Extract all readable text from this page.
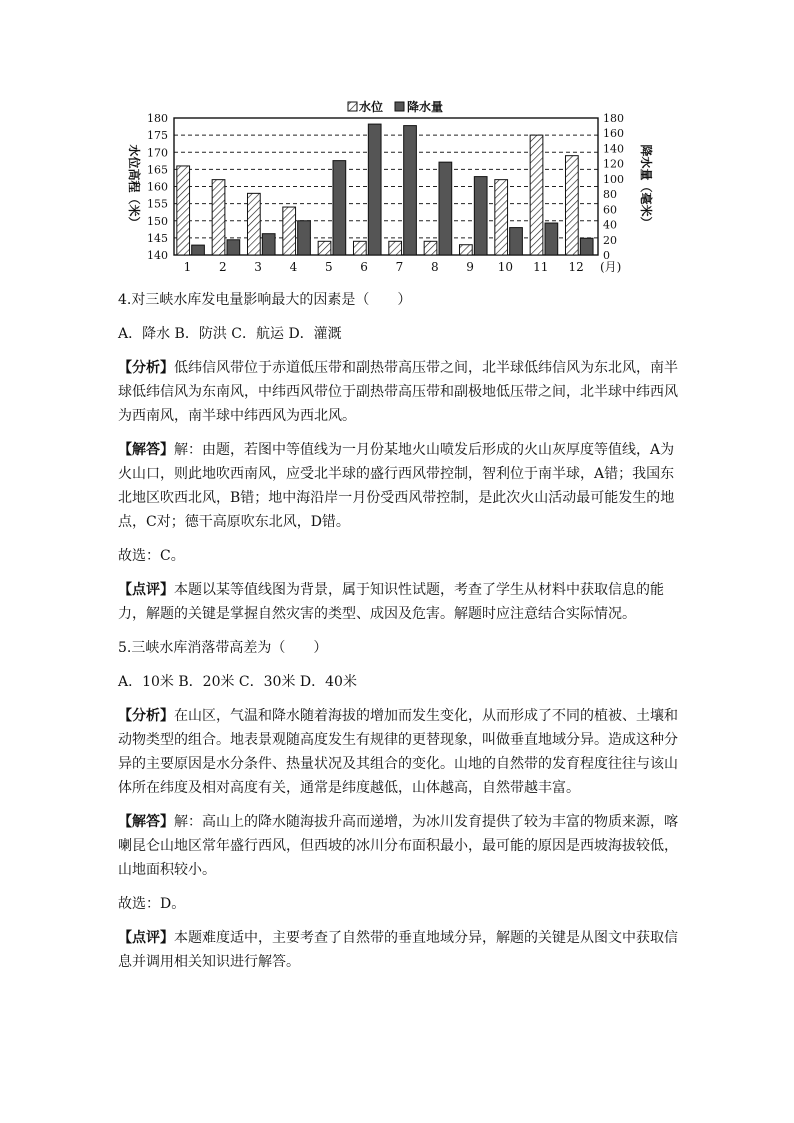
140
145
150
155
160
165
170
175
180
0
20
40
60
80
100
120
140
160
180
水位高程（米）	降水量（毫米）
1 2 3 4 5 6 7 8 9 10 11 12 (月)
水位 降水量

4.对三峡水库发电量影响最大的因素是（　　）

A．降水 B．防洪 C．航运 D．灌溉

【分析】低纬信风带位于赤道低压带和副热带高压带之间，北半球低纬信风为东北风，南半球低纬信风为东南风，中纬西风带位于副热带高压带和副极地低压带之间，北半球中纬西风为西南风，南半球中纬西风为西北风。

【解答】解：由题，若图中等值线为一月份某地火山喷发后形成的火山灰厚度等值线，A为火山口，则此地吹西南风，应受北半球的盛行西风带控制，智利位于南半球，A错；我国东北地区吹西北风，B错；地中海沿岸一月份受西风带控制，是此次火山活动最可能发生的地点，C对；德干高原吹东北风，D错。

故选：C。

【点评】本题以某等值线图为背景，属于知识性试题，考查了学生从材料中获取信息的能力，解题的关键是掌握自然灾害的类型、成因及危害。解题时应注意结合实际情况。

5.三峡水库消落带高差为（　　）

A．10米 B．20米 C．30米 D．40米

【分析】在山区，气温和降水随着海拔的增加而发生变化，从而形成了不同的植被、土壤和动物类型的组合。地表景观随高度发生有规律的更替现象，叫做垂直地域分异。造成这种分异的主要原因是水分条件、热量状况及其组合的变化。山地的自然带的发育程度往往与该山体所在纬度及相对高度有关，通常是纬度越低，山体越高，自然带越丰富。

【解答】解：高山上的降水随海拔升高而递增，为冰川发育提供了较为丰富的物质来源，喀喇昆仑山地区常年盛行西风，但西坡的冰川分布面积最小，最可能的原因是西坡海拔较低，山地面积较小。

故选：D。

【点评】本题难度适中，主要考查了自然带的垂直地域分异，解题的关键是从图文中获取信息并调用相关知识进行解答。
